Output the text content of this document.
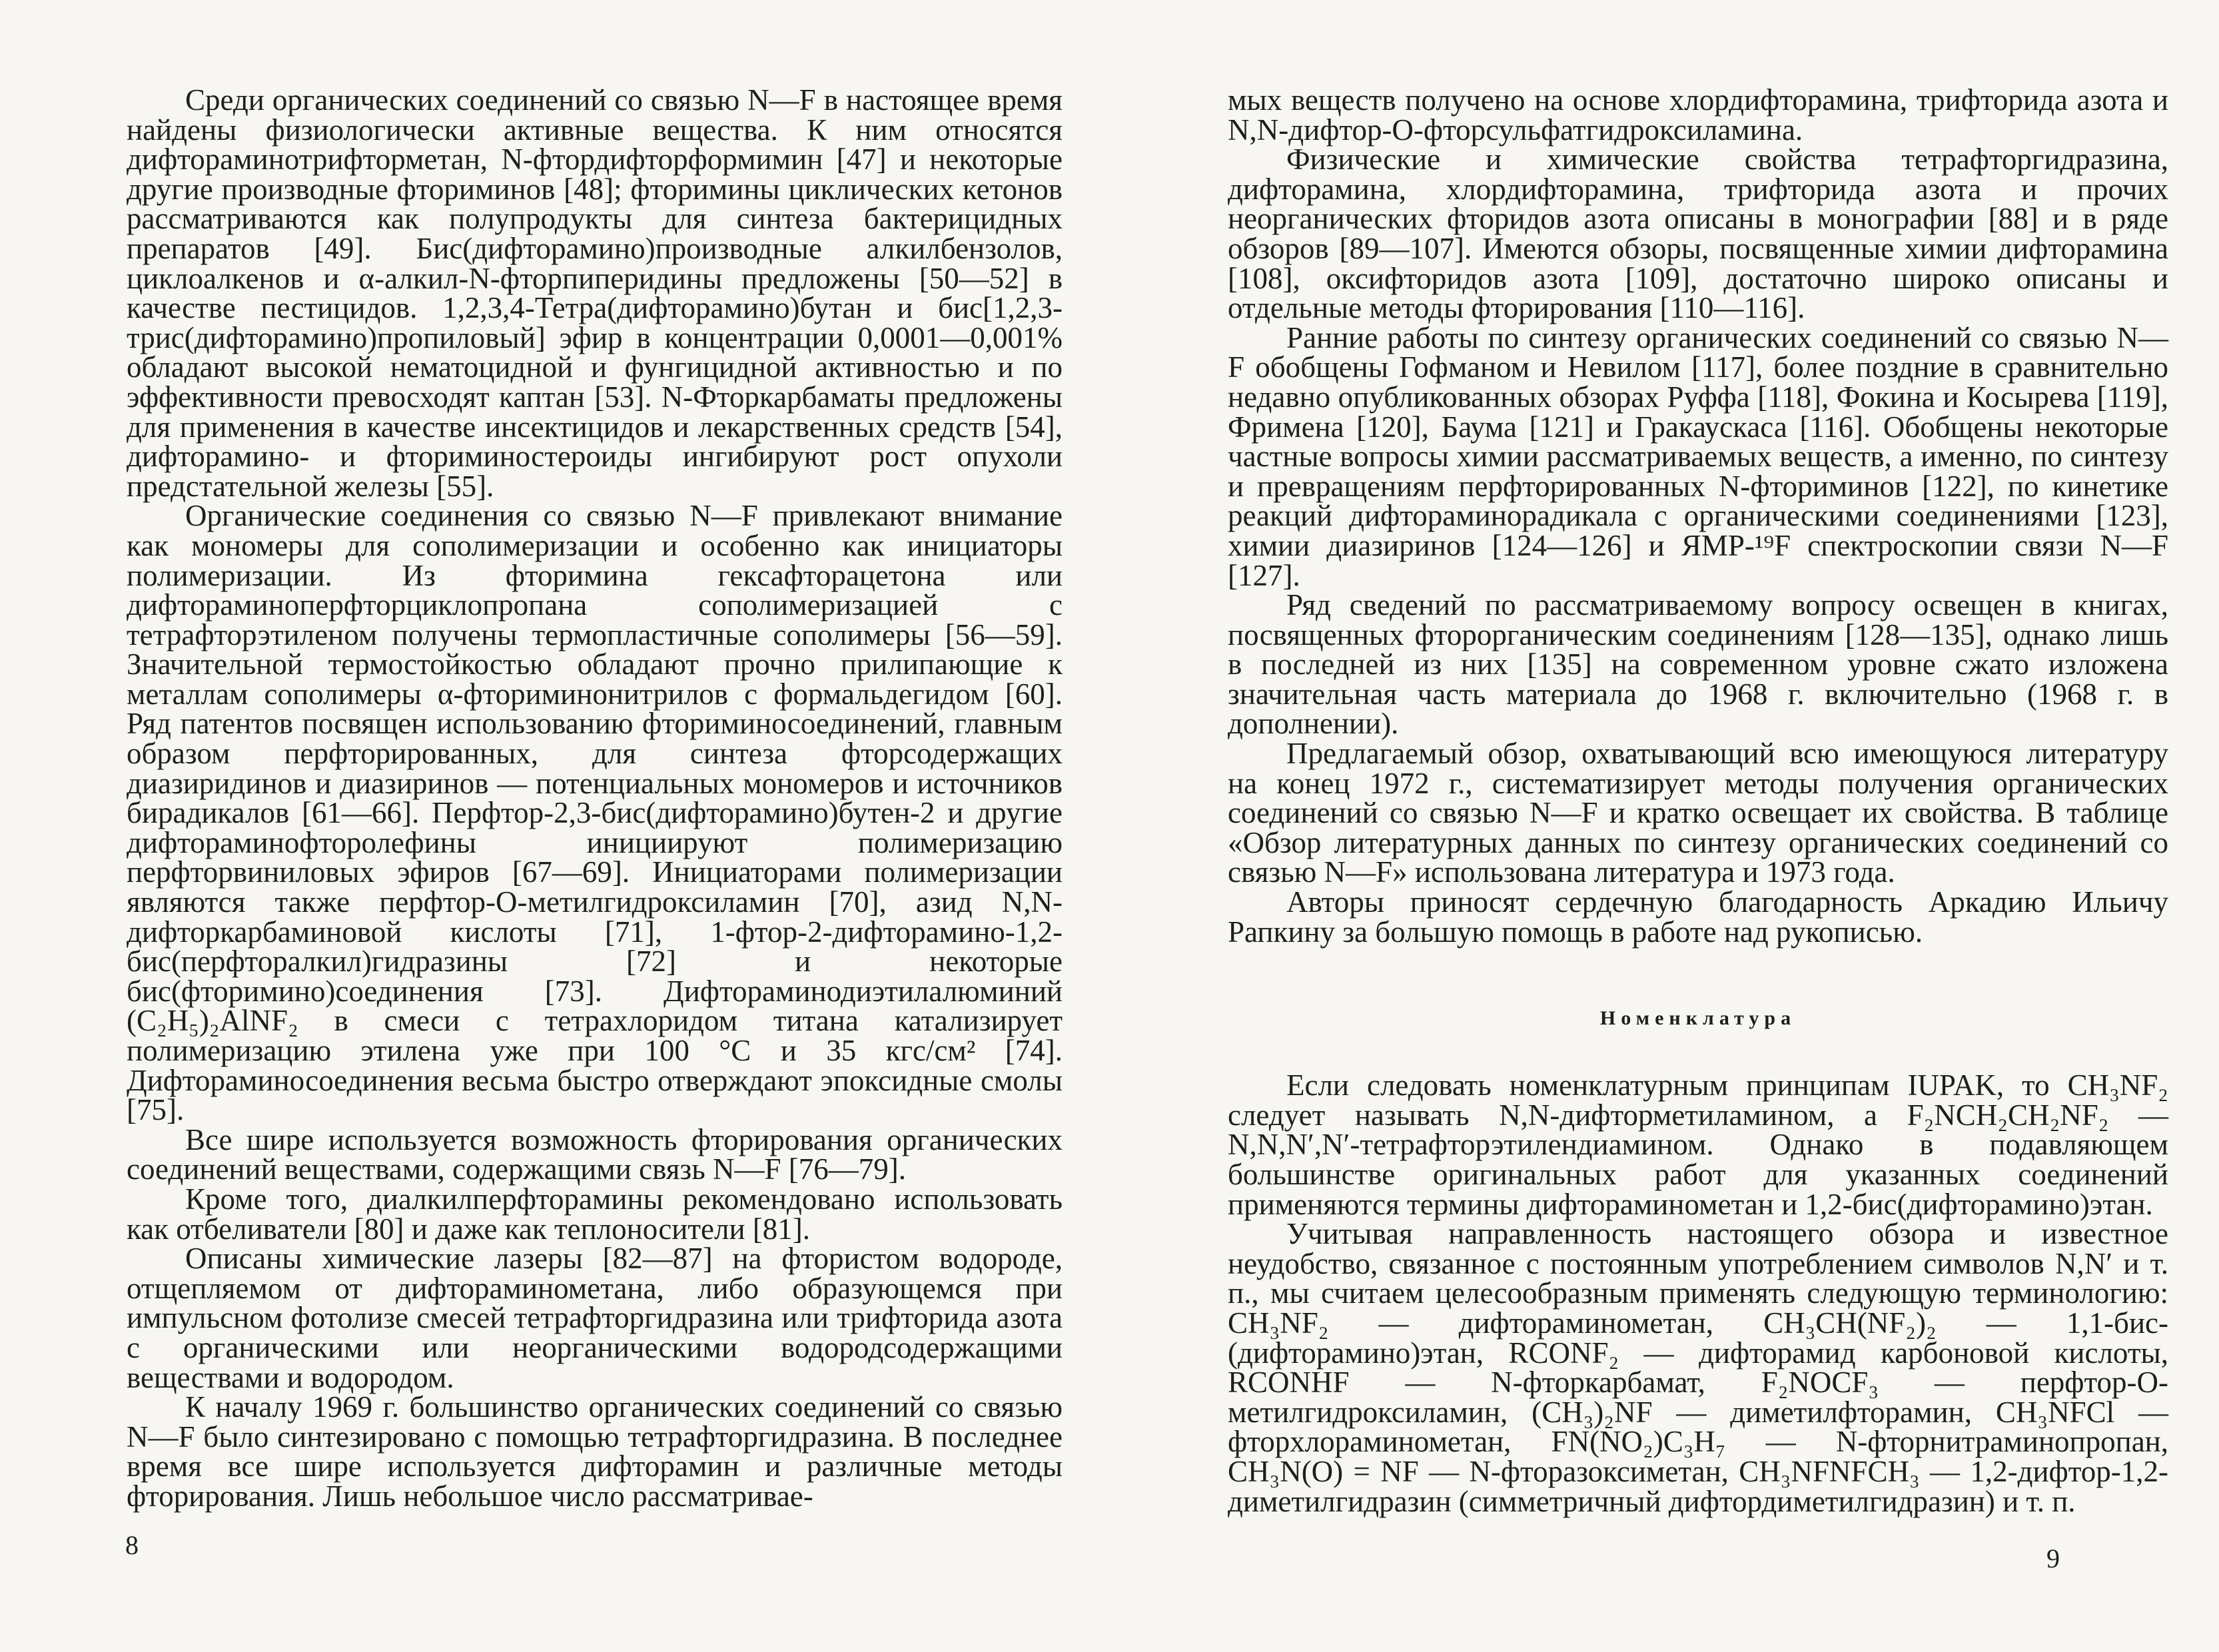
Среди органических соединений со связью N—F в настоящее время найдены физиологически активные вещества. К ним относятся дифтораминотрифторметан, N-фтордифторформимин [47] и некоторые другие производные фториминов [48]; фторимины циклических кетонов рассматриваются как полупродукты для синтеза бактерицидных препаратов [49]. Бис(дифторамино)производные алкилбензолов, циклоалкенов и α-алкил-N-фторпиперидины предложены [50—52] в качестве пестицидов. 1,2,3,4-Тетра(дифторамино)бутан и бис[1,2,3-трис(дифторамино)пропиловый] эфир в концентрации 0,0001—0,001% обладают высокой нематоцидной и фунгицидной активностью и по эффективности превосходят каптан [53]. N-Фторкарбаматы предложены для применения в качестве инсектицидов и лекарственных средств [54], дифторамино- и фториминостероиды ингибируют рост опухоли предстательной железы [55].

Органические соединения со связью N—F привлекают внимание как мономеры для сополимеризации и особенно как инициаторы полимеризации. Из фторимина гексафторацетона или дифтораминоперфторциклопропана сополимеризацией с тетрафторэтиленом получены термопластичные сополимеры [56—59]. Значительной термостойкостью обладают прочно прилипающие к металлам сополимеры α-фториминонитрилов с формальдегидом [60]. Ряд патентов посвящен использованию фториминосоединений, главным образом перфторированных, для синтеза фторсодержащих диазиридинов и диазиринов — потенциальных мономеров и источников бирадикалов [61—66]. Перфтор-2,3-бис(дифторамино)бутен-2 и другие дифтораминофторолефины инициируют полимеризацию перфторвиниловых эфиров [67—69]. Инициаторами полимеризации являются также перфтор-О-метилгидроксиламин [70], азид N,N-дифторкарбаминовой кислоты [71], 1-фтор-2-дифторамино-1,2-бис(перфторалкил)гидразины [72] и некоторые бис(фторимино)соединения [73]. Дифтораминодиэтилалюминий (C₂H₅)₂AlNF₂ в смеси с тетрахлоридом титана катализирует полимеризацию этилена уже при 100 °C и 35 кгс/см² [74]. Дифтораминосоединения весьма быстро отверждают эпоксидные смолы [75].

Все шире используется возможность фторирования органических соединений веществами, содержащими связь N—F [76—79].

Кроме того, диалкилперфторамины рекомендовано использовать как отбеливатели [80] и даже как теплоносители [81].

Описаны химические лазеры [82—87] на фтористом водороде, отщепляемом от дифтораминометана, либо образующемся при импульсном фотолизе смесей тетрафторгидразина или трифторида азота с органическими или неорганическими водородсодержащими веществами и водородом.

К началу 1969 г. большинство органических соединений со связью N—F было синтезировано с помощью тетрафторгидразина. В последнее время все шире используется дифторамин и различные методы фторирования. Лишь небольшое число рассматривае-

8

мых веществ получено на основе хлордифторамина, трифторида азота и N,N-дифтор-О-фторсульфатгидроксиламина.

Физические и химические свойства тетрафторгидразина, дифторамина, хлордифторамина, трифторида азота и прочих неорганических фторидов азота описаны в монографии [88] и в ряде обзоров [89—107]. Имеются обзоры, посвященные химии дифторамина [108], оксифторидов азота [109], достаточно широко описаны и отдельные методы фторирования [110—116].

Ранние работы по синтезу органических соединений со связью N—F обобщены Гофманом и Невилом [117], более поздние в сравнительно недавно опубликованных обзорах Руффа [118], Фокина и Косырева [119], Фримена [120], Баума [121] и Гракаускаса [116]. Обобщены некоторые частные вопросы химии рассматриваемых веществ, а именно, по синтезу и превращениям перфторированных N-фториминов [122], по кинетике реакций дифтораминорадикала с органическими соединениями [123], химии диазиринов [124—126] и ЯМР-¹⁹F спектроскопии связи N—F [127].

Ряд сведений по рассматриваемому вопросу освещен в книгах, посвященных фторорганическим соединениям [128—135], однако лишь в последней из них [135] на современном уровне сжато изложена значительная часть материала до 1968 г. включительно (1968 г. в дополнении).

Предлагаемый обзор, охватывающий всю имеющуюся литературу на конец 1972 г., систематизирует методы получения органических соединений со связью N—F и кратко освещает их свойства. В таблице «Обзор литературных данных по синтезу органических соединений со связью N—F» использована литература и 1973 года.

Авторы приносят сердечную благодарность Аркадию Ильичу Рапкину за большую помощь в работе над рукописью.

Номенклатура

Если следовать номенклатурным принципам IUPAK, то CH₃NF₂ следует называть N,N-дифторметиламином, а F₂NCH₂CH₂NF₂ — N,N,N′,N′-тетрафторэтилендиамином. Однако в подавляющем большинстве оригинальных работ для указанных соединений применяются термины дифтораминометан и 1,2-бис(дифторамино)этан.

Учитывая направленность настоящего обзора и известное неудобство, связанное с постоянным употреблением символов N,N′ и т. п., мы считаем целесообразным применять следующую терминологию: CH₃NF₂ — дифтораминометан, CH₃CH(NF₂)₂ — 1,1-бис-(дифторамино)этан, RCONF₂ — дифторамид карбоновой кислоты, RCONHF — N-фторкарбамат, F₂NOCF₃ — перфтор-О-метилгидроксиламин, (CH₃)₂NF — диметилфторамин, CH₃NFCl — фторхлораминометан, FN(NO₂)C₃H₇ — N-фторнитраминопропан, CH₃N(O) = NF — N-фторазоксиметан, CH₃NFNFCH₃ — 1,2-дифтор-1,2-диметилгидразин (симметричный дифтордиметилгидразин) и т. п.

9
